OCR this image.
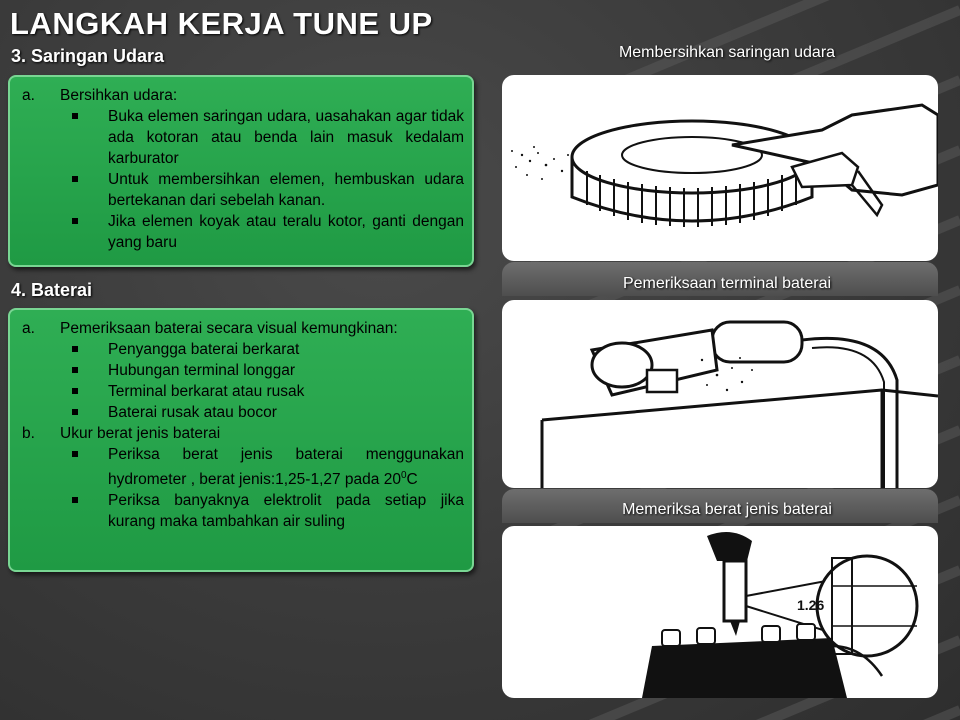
LANGKAH KERJA TUNE UP
3. Saringan Udara
a.	Bersihkan udara:
Buka elemen saringan udara, uasahakan agar tidak ada kotoran atau benda lain masuk kedalam karburator
Untuk membersihkan elemen, hembuskan udara bertekanan dari sebelah kanan.
Jika elemen koyak atau teralu kotor, ganti dengan yang baru
4. Baterai
a.	Pemeriksaan baterai secara visual kemungkinan:
Penyangga baterai berkarat
Hubungan terminal longgar
Terminal berkarat atau rusak
Baterai rusak atau bocor
b.	Ukur berat jenis baterai
Periksa berat jenis baterai menggunakan hydrometer , berat jenis:1,25-1,27 pada $20^0C$
Periksa banyaknya elektrolit pada setiap jika kurang maka tambahkan air suling

Membersihkan saringan udara

Pemeriksaan terminal baterai

Memeriksa berat jenis baterai

1.26
